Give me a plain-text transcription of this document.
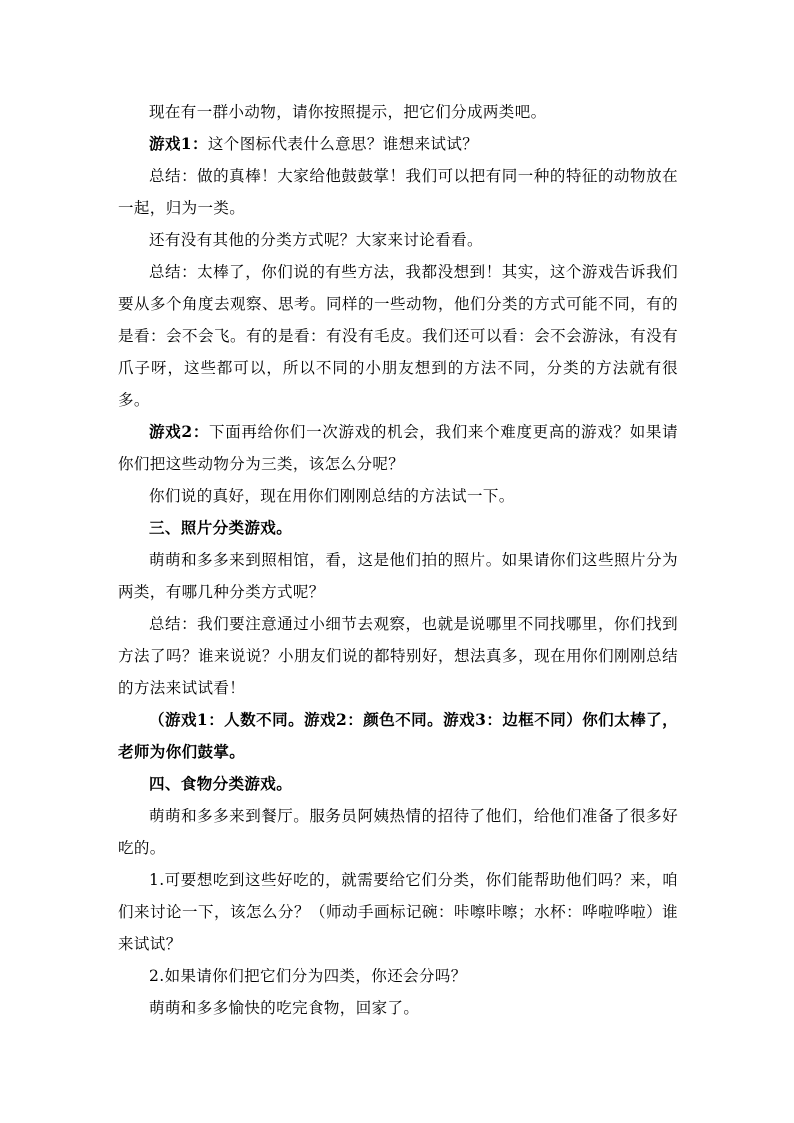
现在有一群小动物，请你按照提示，把它们分成两类吧。

游戏1：这个图标代表什么意思？谁想来试试？

总结：做的真棒！大家给他鼓鼓掌！我们可以把有同一种的特征的动物放在一起，归为一类。

还有没有其他的分类方式呢？大家来讨论看看。

总结：太棒了，你们说的有些方法，我都没想到！其实，这个游戏告诉我们要从多个角度去观察、思考。同样的一些动物，他们分类的方式可能不同，有的是看：会不会飞。有的是看：有没有毛皮。我们还可以看：会不会游泳，有没有爪子呀，这些都可以，所以不同的小朋友想到的方法不同，分类的方法就有很多。

游戏2：下面再给你们一次游戏的机会，我们来个难度更高的游戏？如果请你们把这些动物分为三类，该怎么分呢？

你们说的真好，现在用你们刚刚总结的方法试一下。

三、照片分类游戏。

萌萌和多多来到照相馆，看，这是他们拍的照片。如果请你们这些照片分为两类，有哪几种分类方式呢？

总结：我们要注意通过小细节去观察，也就是说哪里不同找哪里，你们找到方法了吗？谁来说说？小朋友们说的都特别好，想法真多，现在用你们刚刚总结的方法来试试看！

（游戏1：人数不同。游戏2：颜色不同。游戏3：边框不同）你们太棒了，老师为你们鼓掌。

四、食物分类游戏。

萌萌和多多来到餐厅。服务员阿姨热情的招待了他们，给他们准备了很多好吃的。

1.可要想吃到这些好吃的，就需要给它们分类，你们能帮助他们吗？来，咱们来讨论一下，该怎么分？（师动手画标记碗：咔嚓咔嚓；水杯：哗啦哗啦）谁来试试？

2.如果请你们把它们分为四类，你还会分吗？

萌萌和多多愉快的吃完食物，回家了。
